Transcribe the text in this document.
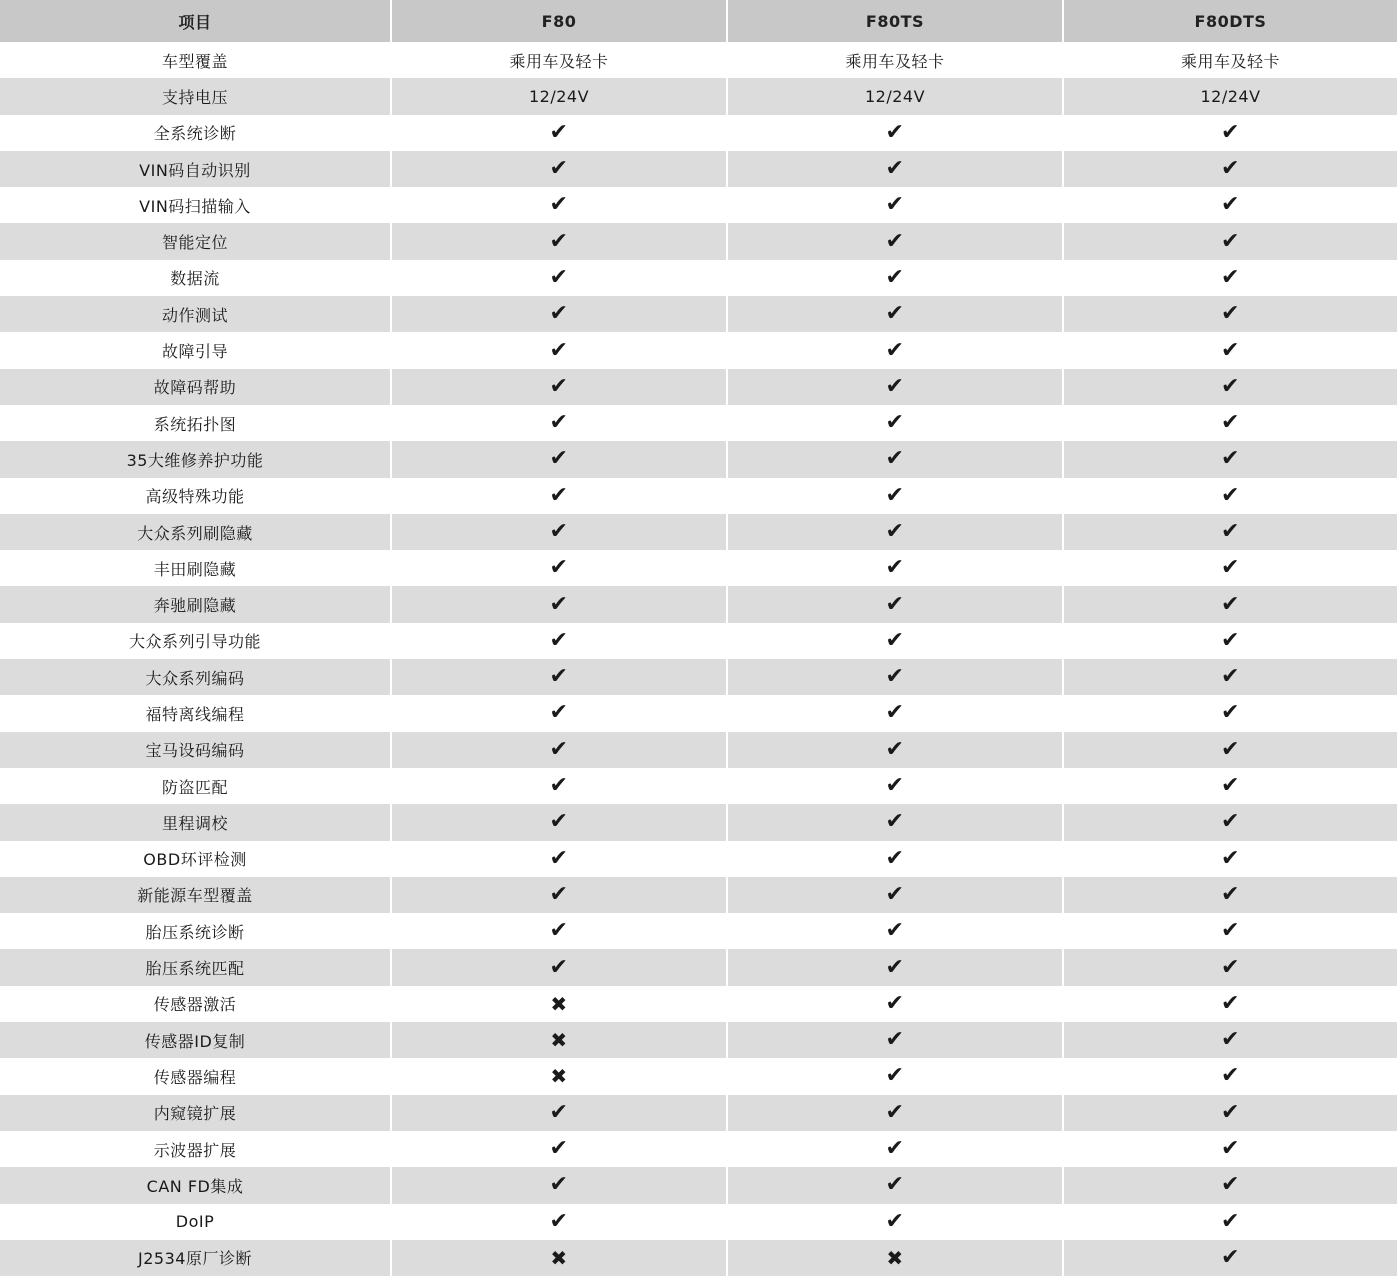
项目	F80	F80TS	F80DTS
车型覆盖	乘用车及轻卡	乘用车及轻卡	乘用车及轻卡
支持电压	12/24V	12/24V	12/24V
全系统诊断	✔	✔	✔
VIN码自动识别	✔	✔	✔
VIN码扫描输入	✔	✔	✔
智能定位	✔	✔	✔
数据流	✔	✔	✔
动作测试	✔	✔	✔
故障引导	✔	✔	✔
故障码帮助	✔	✔	✔
系统拓扑图	✔	✔	✔
35大维修养护功能	✔	✔	✔
高级特殊功能	✔	✔	✔
大众系列刷隐藏	✔	✔	✔
丰田刷隐藏	✔	✔	✔
奔驰刷隐藏	✔	✔	✔
大众系列引导功能	✔	✔	✔
大众系列编码	✔	✔	✔
福特离线编程	✔	✔	✔
宝马设码编码	✔	✔	✔
防盗匹配	✔	✔	✔
里程调校	✔	✔	✔
OBD环评检测	✔	✔	✔
新能源车型覆盖	✔	✔	✔
胎压系统诊断	✔	✔	✔
胎压系统匹配	✔	✔	✔
传感器激活	✖	✔	✔
传感器ID复制	✖	✔	✔
传感器编程	✖	✔	✔
内窥镜扩展	✔	✔	✔
示波器扩展	✔	✔	✔
CAN FD集成	✔	✔	✔
DoIP	✔	✔	✔
J2534原厂诊断	✖	✖	✔
